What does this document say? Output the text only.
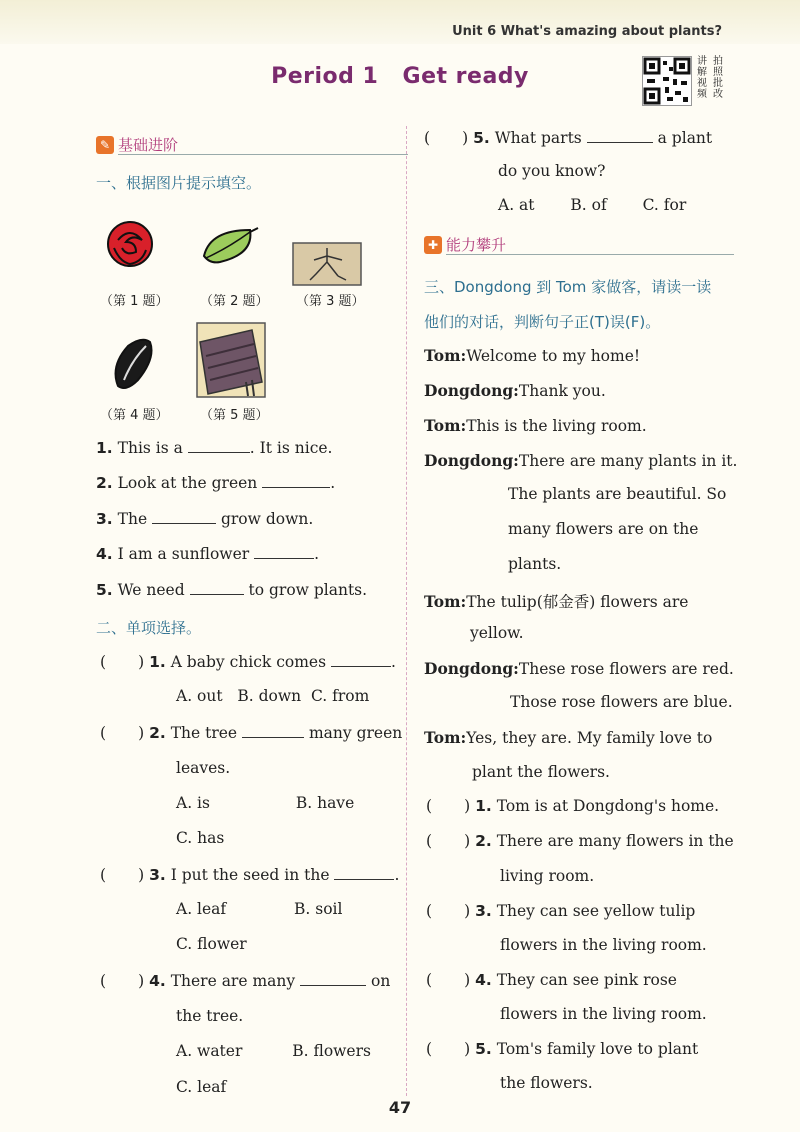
Unit 6 What's amazing about plants?
Period 1 Get ready
讲 拍
解 照
视 批
频 改
✎ 基础进阶
一、根据图片提示填空。
（第 1 题） （第 2 题） （第 3 题）
（第 4 题） （第 5 题）
1. This is a	. It is nice.
2. Look at the green	.
3. The	grow down.
4. I am a sunflower	.
5. We need	to grow plants.
二、单项选择。
( ) 1. A baby chick comes	.
A. out B. down C. from
( ) 2. The tree	many green
leaves.
A. is	B. have
C. has
( ) 3. I put the seed in the	.
A. leaf	B. soil
C. flower
( ) 4. There are many	on
the tree.
A. water	B. flowers
C. leaf
( ) 5. What parts	a plant
do you know?
A. at B. of C. for
✚ 能力攀升
三、Dongdong 到 Tom 家做客，请读一读
他们的对话，判断句子正(T)误(F)。
Tom:Welcome to my home!
Dongdong:Thank you.
Tom:This is the living room.
Dongdong:There are many plants in it.
The plants are beautiful. So
many flowers are on the
plants.
Tom:The tulip(郁金香) flowers are
yellow.
Dongdong:These rose flowers are red.
Those rose flowers are blue.
Tom:Yes, they are. My family love to
plant the flowers.
( ) 1. Tom is at Dongdong's home.
( ) 2. There are many flowers in the
living room.
( ) 3. They can see yellow tulip
flowers in the living room.
( ) 4. They can see pink rose
flowers in the living room.
( ) 5. Tom's family love to plant
the flowers.
47
